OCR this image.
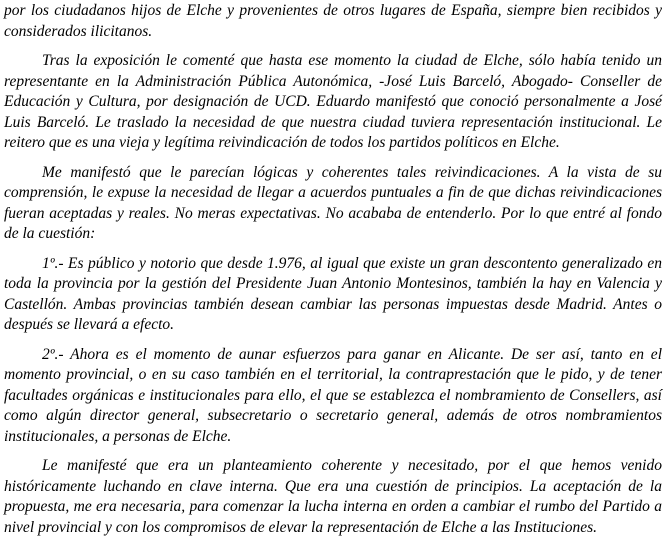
por los ciudadanos hijos de Elche y provenientes de otros lugares de España, siempre bien recibidos y considerados ilicitanos.

Tras la exposición le comenté que hasta ese momento la ciudad de Elche, sólo había tenido un representante en la Administración Pública Autonómica, -José Luis Barceló, Abogado- Conseller de Educación y Cultura, por designación de UCD. Eduardo manifestó que conoció personalmente a José Luis Barceló. Le traslado la necesidad de que nuestra ciudad tuviera representación institucional. Le reitero que es una vieja y legítima reivindicación de todos los partidos políticos en Elche.

Me manifestó que le parecían lógicas y coherentes tales reivindicaciones. A la vista de su comprensión, le expuse la necesidad de llegar a acuerdos puntuales a fin de que dichas reivindicaciones fueran aceptadas y reales. No meras expectativas. No acababa de entenderlo. Por lo que entré al fondo de la cuestión:

1º.- Es público y notorio que desde 1.976, al igual que existe un gran descontento generalizado en toda la provincia por la gestión del Presidente Juan Antonio Montesinos, también la hay en Valencia y Castellón. Ambas provincias también desean cambiar las personas impuestas desde Madrid. Antes o después se llevará a efecto.

2º.- Ahora es el momento de aunar esfuerzos para ganar en Alicante. De ser así, tanto en el momento provincial, o en su caso también en el territorial, la contraprestación que le pido, y de tener facultades orgánicas e institucionales para ello, el que se establezca el nombramiento de Consellers, así como algún director general, subsecretario o secretario general, además de otros nombramientos institucionales, a personas de Elche.

Le manifesté que era un planteamiento coherente y necesitado, por el que hemos venido históricamente luchando en clave interna. Que era una cuestión de principios. La aceptación de la propuesta, me era necesaria, para comenzar la lucha interna en orden a cambiar el rumbo del Partido a nivel provincial y con los compromisos de elevar la representación de Elche a las Instituciones.
